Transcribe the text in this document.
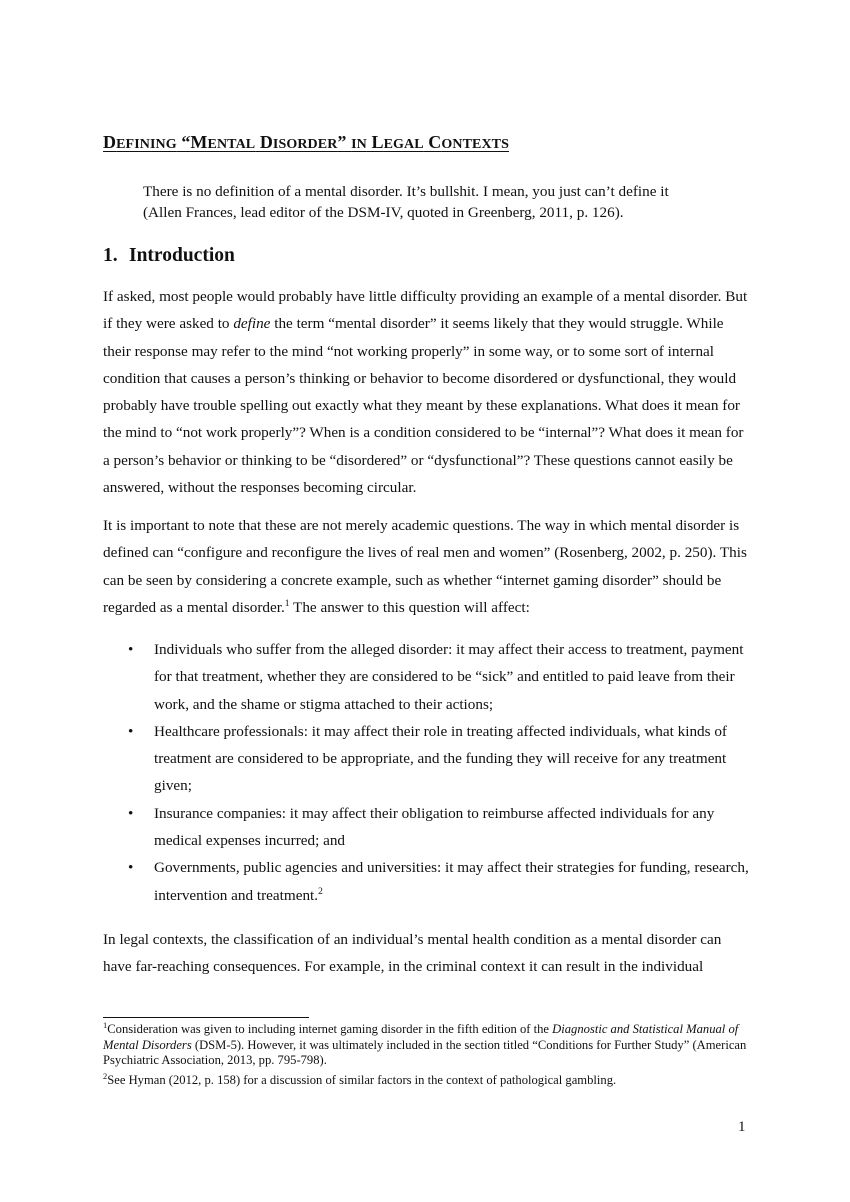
DEFINING “MENTAL DISORDER” IN LEGAL CONTEXTS
There is no definition of a mental disorder. It’s bullshit. I mean, you just can’t define it
(Allen Frances, lead editor of the DSM-IV, quoted in Greenberg, 2011, p. 126).
1. Introduction

If asked, most people would probably have little difficulty providing an example of a mental disorder. But if they were asked to define the term “mental disorder” it seems likely that they would struggle. While their response may refer to the mind “not working properly” in some way, or to some sort of internal condition that causes a person’s thinking or behavior to become disordered or dysfunctional, they would probably have trouble spelling out exactly what they meant by these explanations. What does it mean for the mind to “not work properly”? When is a condition considered to be “internal”? What does it mean for a person’s behavior or thinking to be “disordered” or “dysfunctional”? These questions cannot easily be answered, without the responses becoming circular.

It is important to note that these are not merely academic questions. The way in which mental disorder is defined can “configure and reconfigure the lives of real men and women” (Rosenberg, 2002, p. 250). This can be seen by considering a concrete example, such as whether “internet gaming disorder” should be regarded as a mental disorder.$^1$ The answer to this question will affect:

• Individuals who suffer from the alleged disorder: it may affect their access to treatment, payment for that treatment, whether they are considered to be “sick” and entitled to paid leave from their work, and the shame or stigma attached to their actions;
• Healthcare professionals: it may affect their role in treating affected individuals, what kinds of treatment are considered to be appropriate, and the funding they will receive for any treatment given;
• Insurance companies: it may affect their obligation to reimburse affected individuals for any medical expenses incurred; and
• Governments, public agencies and universities: it may affect their strategies for funding, research, intervention and treatment.$^2$

In legal contexts, the classification of an individual’s mental health condition as a mental disorder can have far-reaching consequences. For example, in the criminal context it can result in the individual

$^1$Consideration was given to including internet gaming disorder in the fifth edition of the Diagnostic and Statistical Manual of Mental Disorders (DSM-5). However, it was ultimately included in the section titled “Conditions for Further Study” (American Psychiatric Association, 2013, pp. 795-798).

$^2$See Hyman (2012, p. 158) for a discussion of similar factors in the context of pathological gambling.

1
